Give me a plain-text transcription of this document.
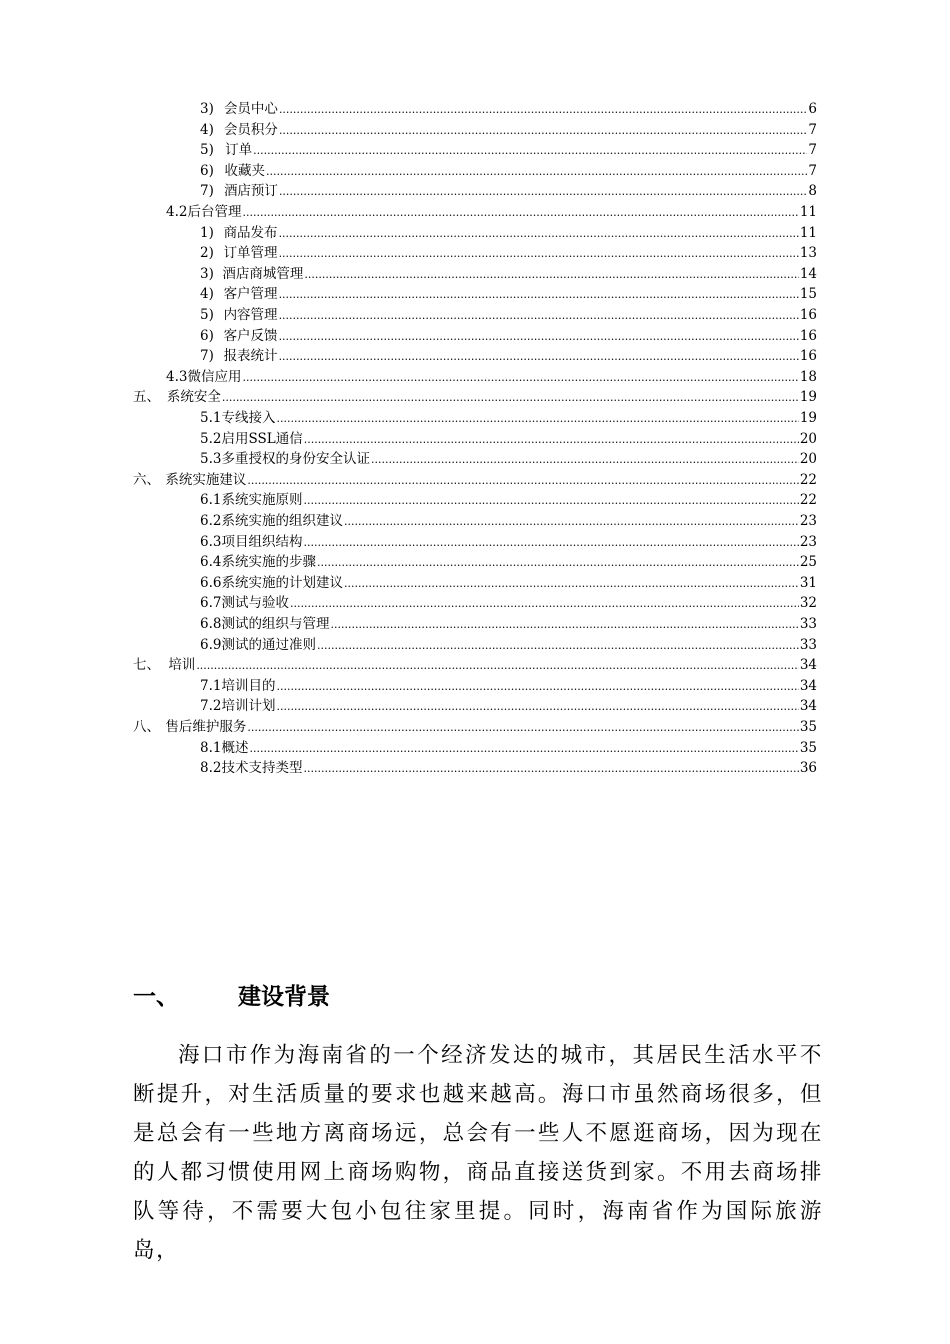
3) 会员中心 .....	6
4) 会员积分 .....	7
5) 订单 .....	7
6) 收藏夹 .....	7
7) 酒店预订 .....	8
4.2后台管理 .....	11
1) 商品发布 .....	11
2) 订单管理 .....	13
3) 酒店商城管理 .....	14
4) 客户管理 .....	15
5) 内容管理 .....	16
6) 客户反馈 .....	16
7) 报表统计 .....	16
4.3微信应用 .....	18
五、 系统安全 .....	19
5.1专线接入 .....	19
5.2启用SSL通信 .....	20
5.3多重授权的身份安全认证 .....	20
六、 系统实施建议 .....	22
6.1系统实施原则 .....	22
6.2系统实施的组织建议 .....	23
6.3项目组织结构 .....	23
6.4系统实施的步骤 .....	25
6.6系统实施的计划建议 .....	31
6.7测试与验收 .....	32
6.8测试的组织与管理 .....	33
6.9测试的通过准则 .....	33
七、 培训 .....	34
7.1培训目的 .....	34
7.2培训计划 .....	34
八、 售后维护服务 .....	35
8.1概述 .....	35
8.2技术支持类型 .....	36
一、	建设背景

海口市作为海南省的一个经济发达的城市，其居民生活水平不断提升，对生活质量的要求也越来越高。海口市虽然商场很多，但是总会有一些地方离商场远，总会有一些人不愿逛商场，因为现在的人都习惯使用网上商场购物，商品直接送货到家。不用去商场排队等待，不需要大包小包往家里提。同时，海南省作为国际旅游岛，
